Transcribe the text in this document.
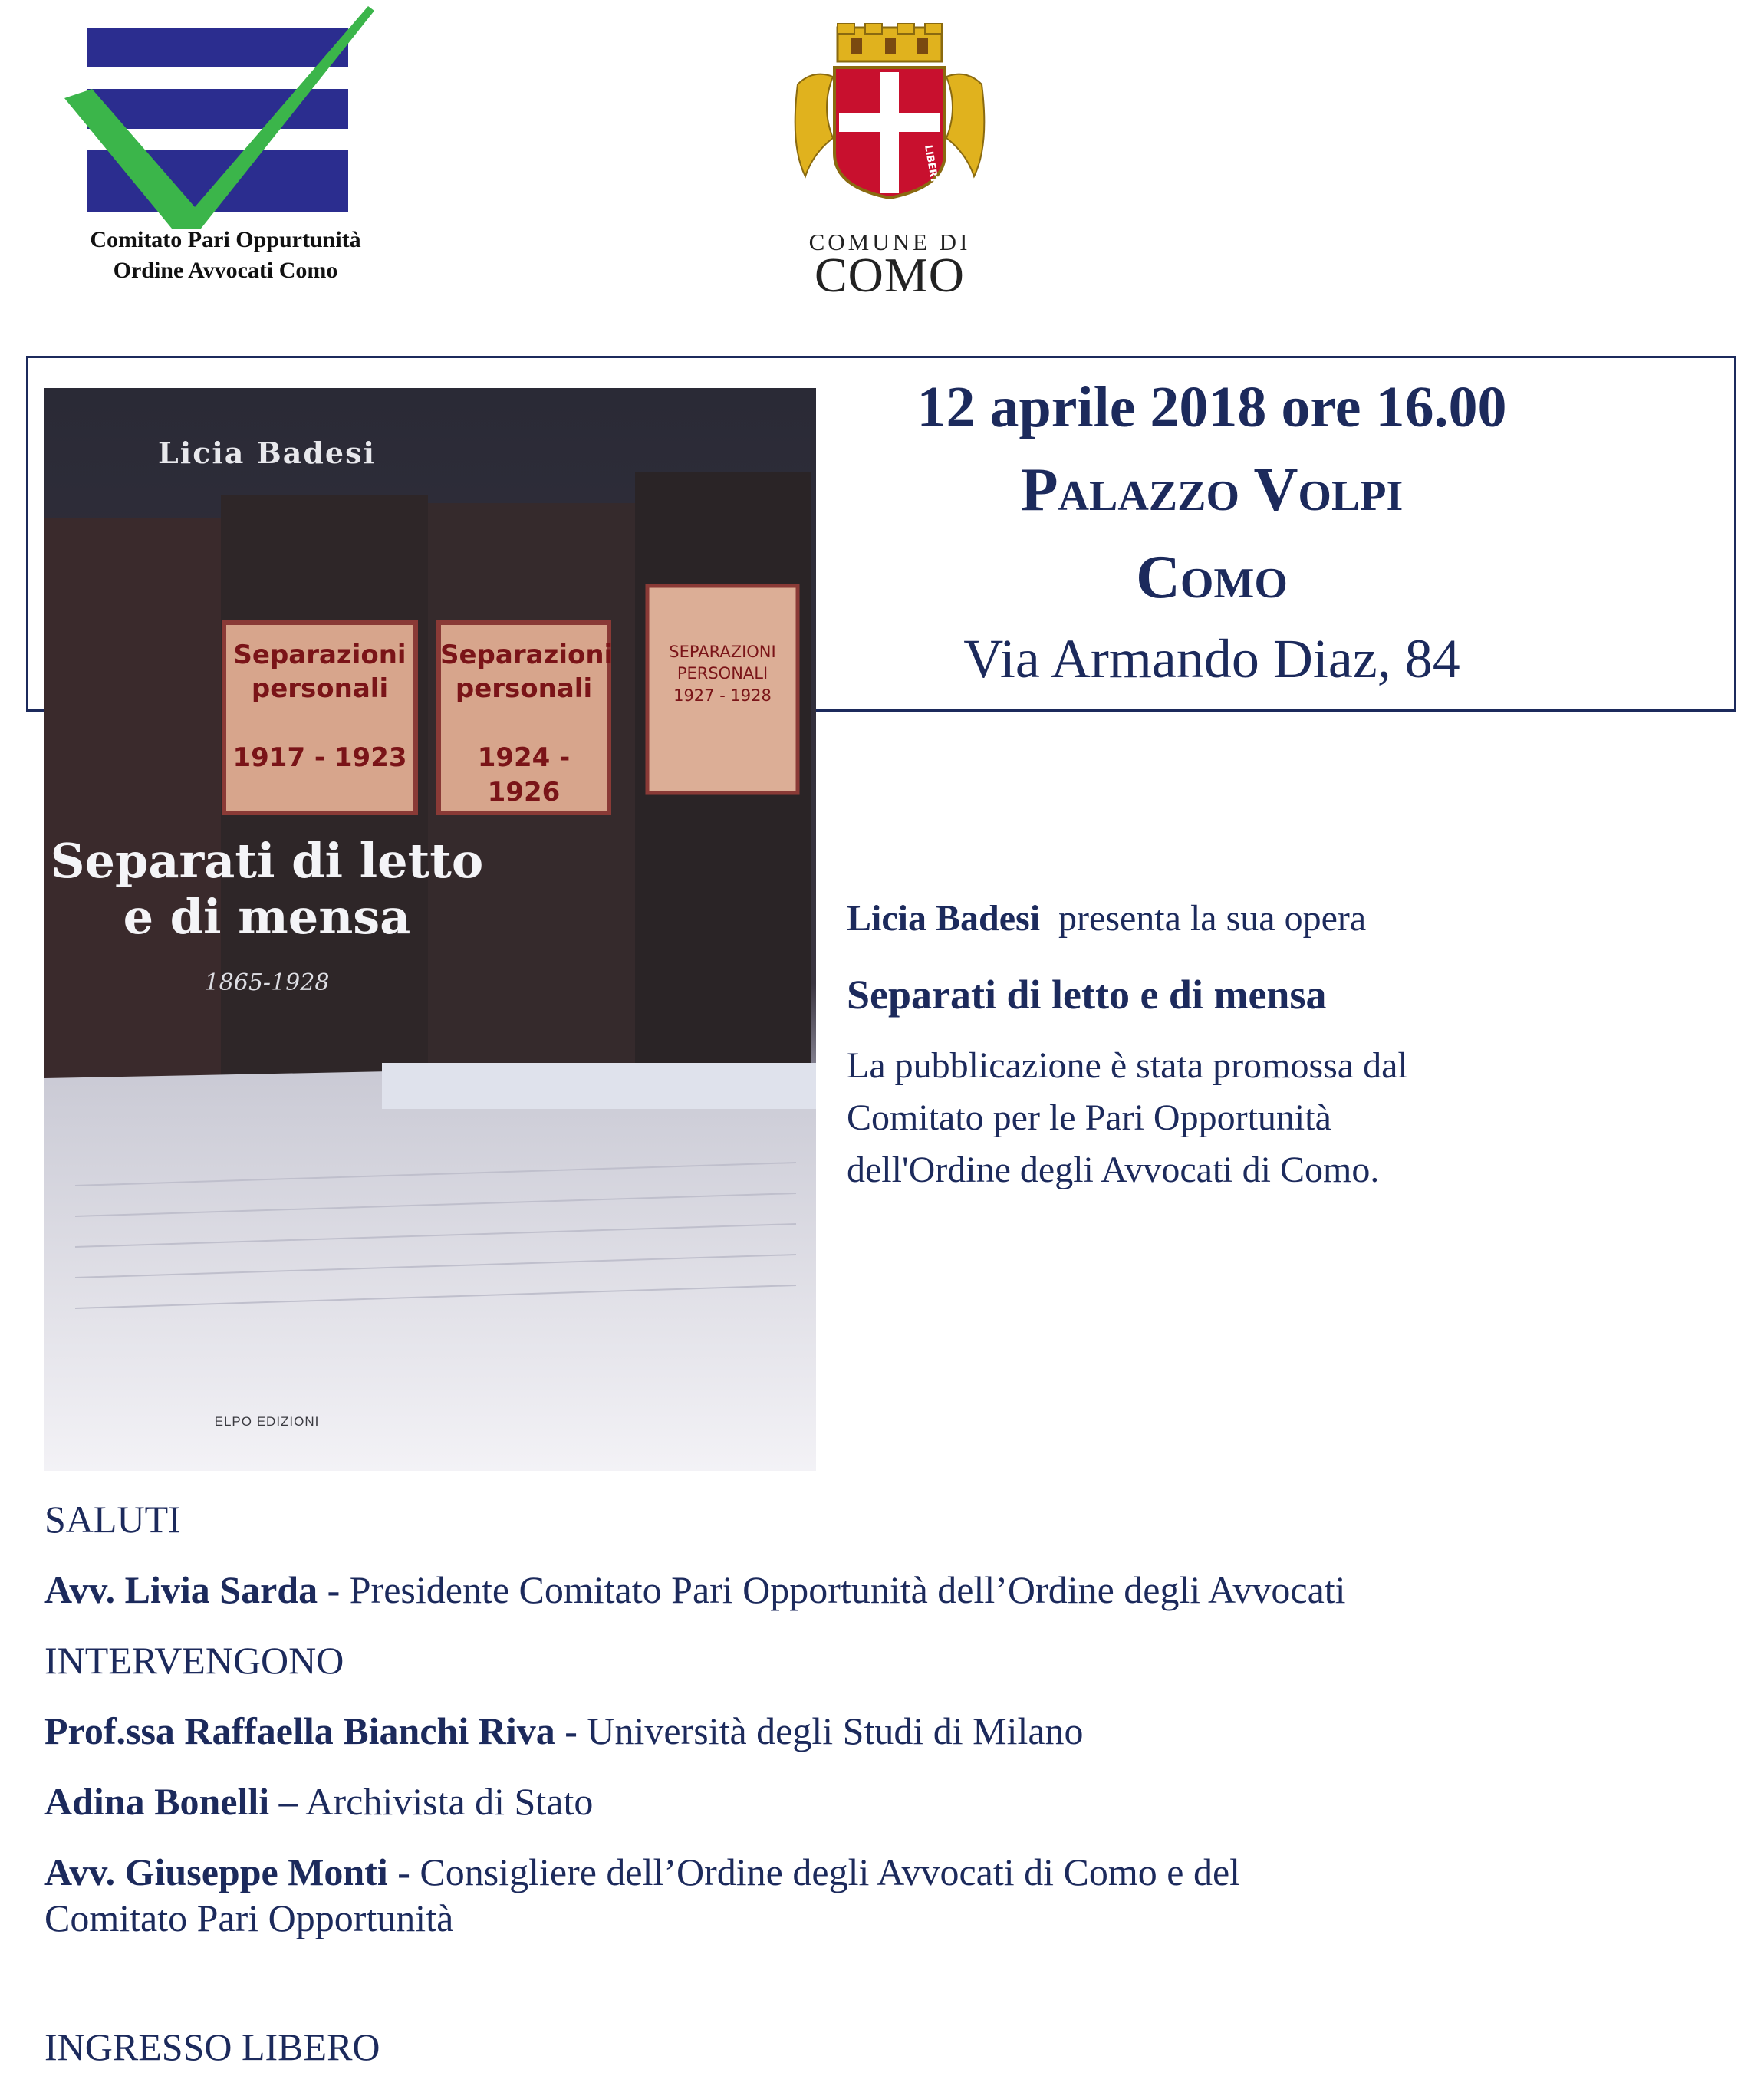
Comitato Pari Oppurtunità
Ordine Avvocati Como
LIBERTAS
COMUNE DI
COMO
Separazioni
personali
1917 - 1923
Separazioni
personali
1924 - 1926
SEPARAZIONI
PERSONALI
1927 - 1928
Licia Badesi
Separati di letto
e di mensa
1865-1928
ELPO EDIZIONI
12 aprile 2018 ore 16.00
Palazzo Volpi
Como
Via Armando Diaz, 84
Licia Badesi presenta la sua opera
Separati di letto e di mensa
La pubblicazione è stata promossa dal
Comitato per le Pari Opportunità
dell'Ordine degli Avvocati di Como.
SALUTI
Avv. Livia Sarda - Presidente Comitato Pari Opportunità dell’Ordine degli Avvocati
INTERVENGONO
Prof.ssa Raffaella Bianchi Riva - Università degli Studi di Milano
Adina Bonelli – Archivista di Stato
Avv. Giuseppe Monti - Consigliere dell’Ordine degli Avvocati di Como e del
Comitato Pari Opportunità
INGRESSO LIBERO
